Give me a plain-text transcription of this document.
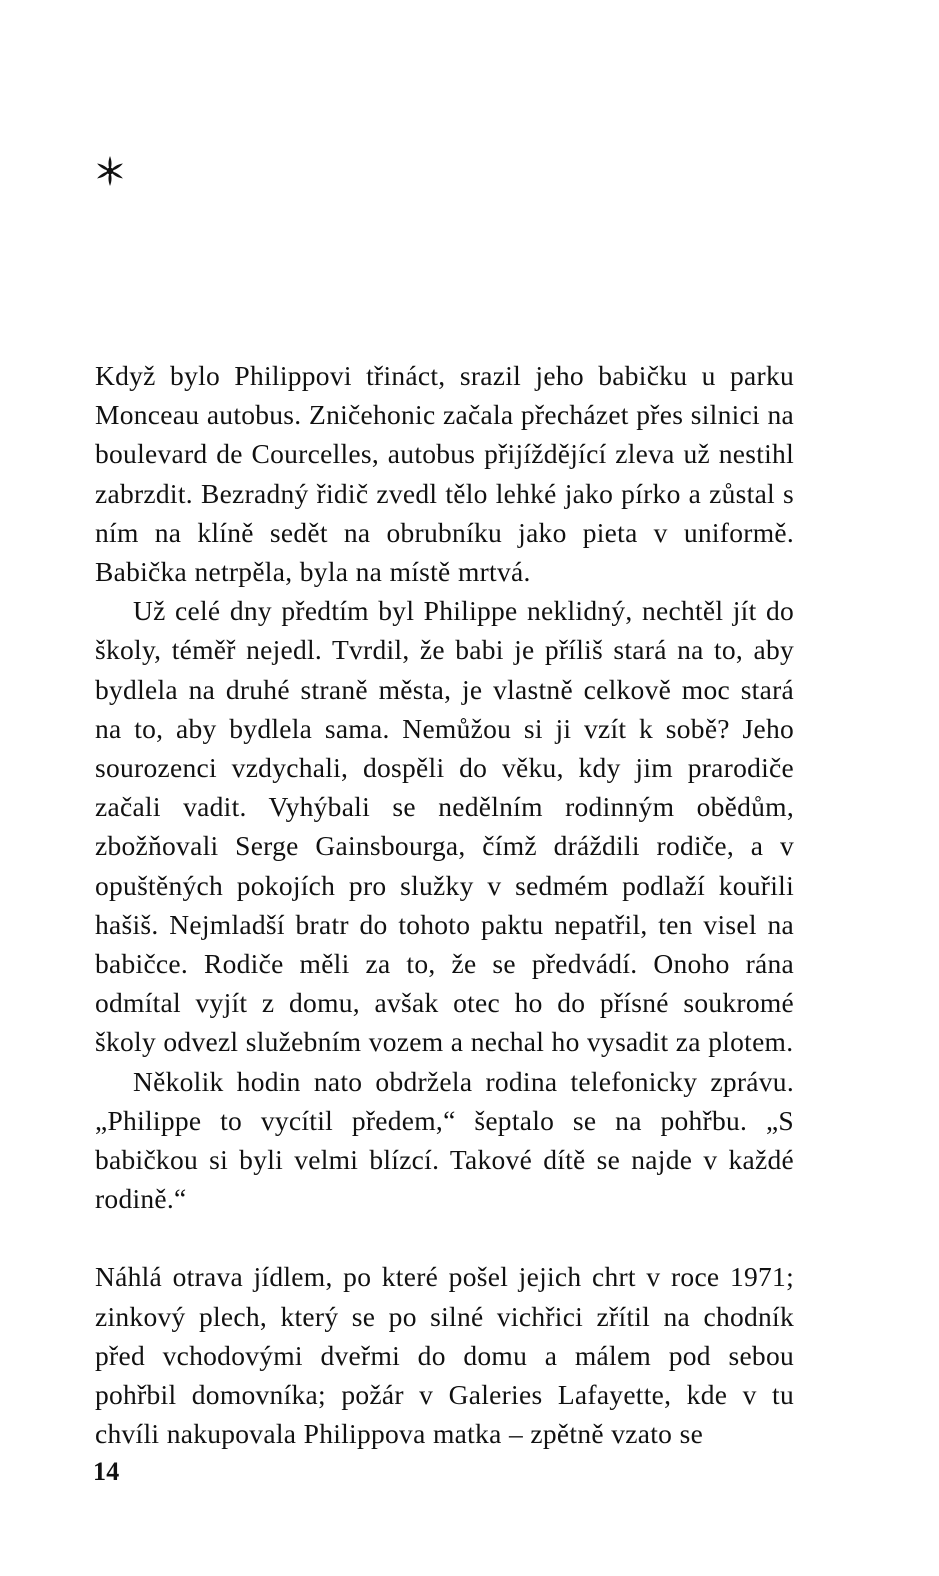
Když bylo Philippovi třináct, srazil jeho babičku u parku Monceau autobus. Zničehonic začala přecházet přes silnici na boulevard de Courcelles, autobus přijíždějící zleva už nestihl zabrzdit. Bezradný řidič zvedl tělo lehké jako pírko a zůstal s ním na klíně sedět na obrubníku jako pieta v uniformě. Babička netrpěla, byla na místě mrtvá.

Už celé dny předtím byl Philippe neklidný, nechtěl jít do školy, téměř nejedl. Tvrdil, že babi je příliš stará na to, aby bydlela na druhé straně města, je vlastně celkově moc stará na to, aby bydlela sama. Nemůžou si ji vzít k sobě? Jeho sourozenci vzdychali, dospěli do věku, kdy jim prarodiče začali vadit. Vyhýbali se nedělním rodinným obědům, zbožňovali Serge Gainsbourga, čímž dráždili rodiče, a v opuštěných pokojích pro služky v sedmém podlaží kouřili hašiš. Nejmladší bratr do tohoto paktu nepatřil, ten visel na babičce. Rodiče měli za to, že se předvádí. Onoho rána odmítal vyjít z domu, avšak otec ho do přísné soukromé školy odvezl služebním vozem a nechal ho vysadit za plotem.

Několik hodin nato obdržela rodina telefonicky zprávu. „Philippe to vycítil předem,“ šeptalo se na pohřbu. „S babičkou si byli velmi blízcí. Takové dítě se najde v každé rodině.“

Náhlá otrava jídlem, po které pošel jejich chrt v roce 1971; zinkový plech, který se po silné vichřici zřítil na chodník před vchodovými dveřmi do domu a málem pod sebou pohřbil domovníka; požár v Galeries Lafayette, kde v tu chvíli nakupovala Philippova matka – zpětně vzato se

14
